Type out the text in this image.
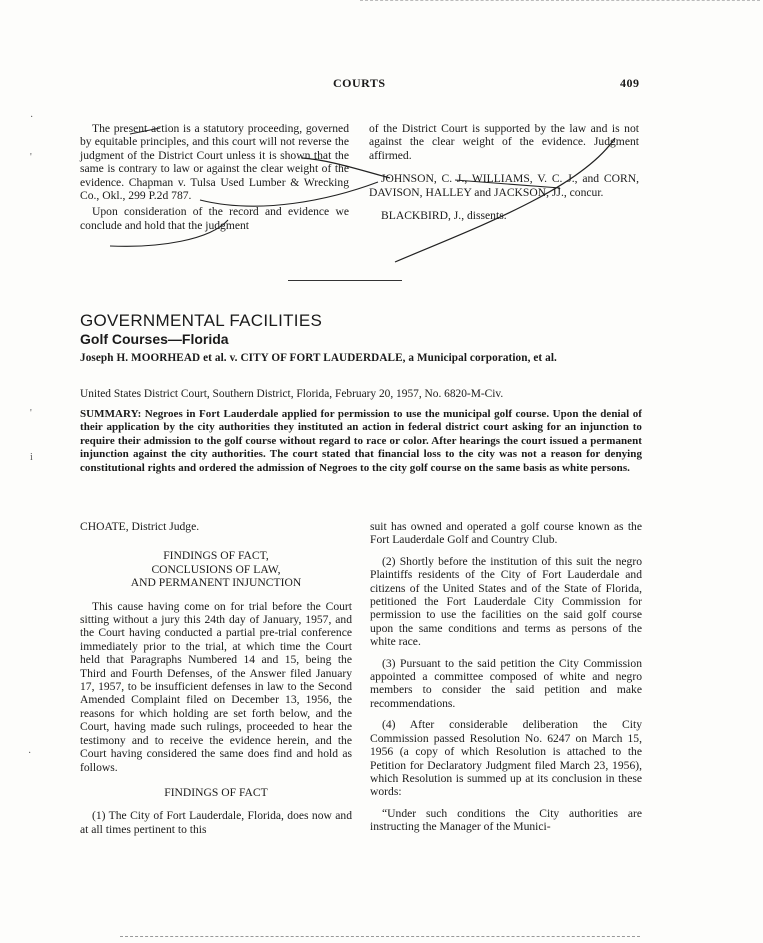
COURTS	409
·
'
'
i
·

The present action is a statutory proceeding, governed by equitable principles, and this court will not reverse the judgment of the District Court unless it is shown that the same is contrary to law or against the clear weight of the evidence. Chapman v. Tulsa Used Lumber & Wrecking Co., Okl., 299 P.2d 787.

Upon consideration of the record and evidence we conclude and hold that the judgment

of the District Court is supported by the law and is not against the clear weight of the evidence. Judgment affirmed.

JOHNSON, C. J., WILLIAMS, V. C. J., and CORN, DAVISON, HALLEY and JACKSON, JJ., concur.

BLACKBIRD, J., dissents.

GOVERNMENTAL FACILITIES
Golf Courses—Florida
Joseph H. MOORHEAD et al. v. CITY OF FORT LAUDERDALE, a Municipal corporation, et al.
United States District Court, Southern District, Florida, February 20, 1957, No. 6820-M-Civ.
SUMMARY: Negroes in Fort Lauderdale applied for permission to use the municipal golf course. Upon the denial of their application by the city authorities they instituted an action in federal district court asking for an injunction to require their admission to the golf course without regard to race or color. After hearings the court issued a permanent injunction against the city authorities. The court stated that financial loss to the city was not a reason for denying constitutional rights and ordered the admission of Negroes to the city golf course on the same basis as white persons.

CHOATE, District Judge.

FINDINGS OF FACT,
CONCLUSIONS OF LAW,
AND PERMANENT INJUNCTION

This cause having come on for trial before the Court sitting without a jury this 24th day of January, 1957, and the Court having conducted a partial pre-trial conference immediately prior to the trial, at which time the Court held that Paragraphs Numbered 14 and 15, being the Third and Fourth Defenses, of the Answer filed January 17, 1957, to be insufficient defenses in law to the Second Amended Complaint filed on December 13, 1956, the reasons for which holding are set forth below, and the Court, having made such rulings, proceeded to hear the testimony and to receive the evidence herein, and the Court having considered the same does find and hold as follows.

FINDINGS OF FACT

(1) The City of Fort Lauderdale, Florida, does now and at all times pertinent to this

suit has owned and operated a golf course known as the Fort Lauderdale Golf and Country Club.

(2) Shortly before the institution of this suit the negro Plaintiffs residents of the City of Fort Lauderdale and citizens of the United States and of the State of Florida, petitioned the Fort Lauderdale City Commission for permission to use the facilities on the said golf course upon the same conditions and terms as persons of the white race.

(3) Pursuant to the said petition the City Commission appointed a committee composed of white and negro members to consider the said petition and make recommendations.

(4) After considerable deliberation the City Commission passed Resolution No. 6247 on March 15, 1956 (a copy of which Resolution is attached to the Petition for Declaratory Judgment filed March 23, 1956), which Resolution is summed up at its conclusion in these words:

“Under such conditions the City authorities are instructing the Manager of the Munici-
